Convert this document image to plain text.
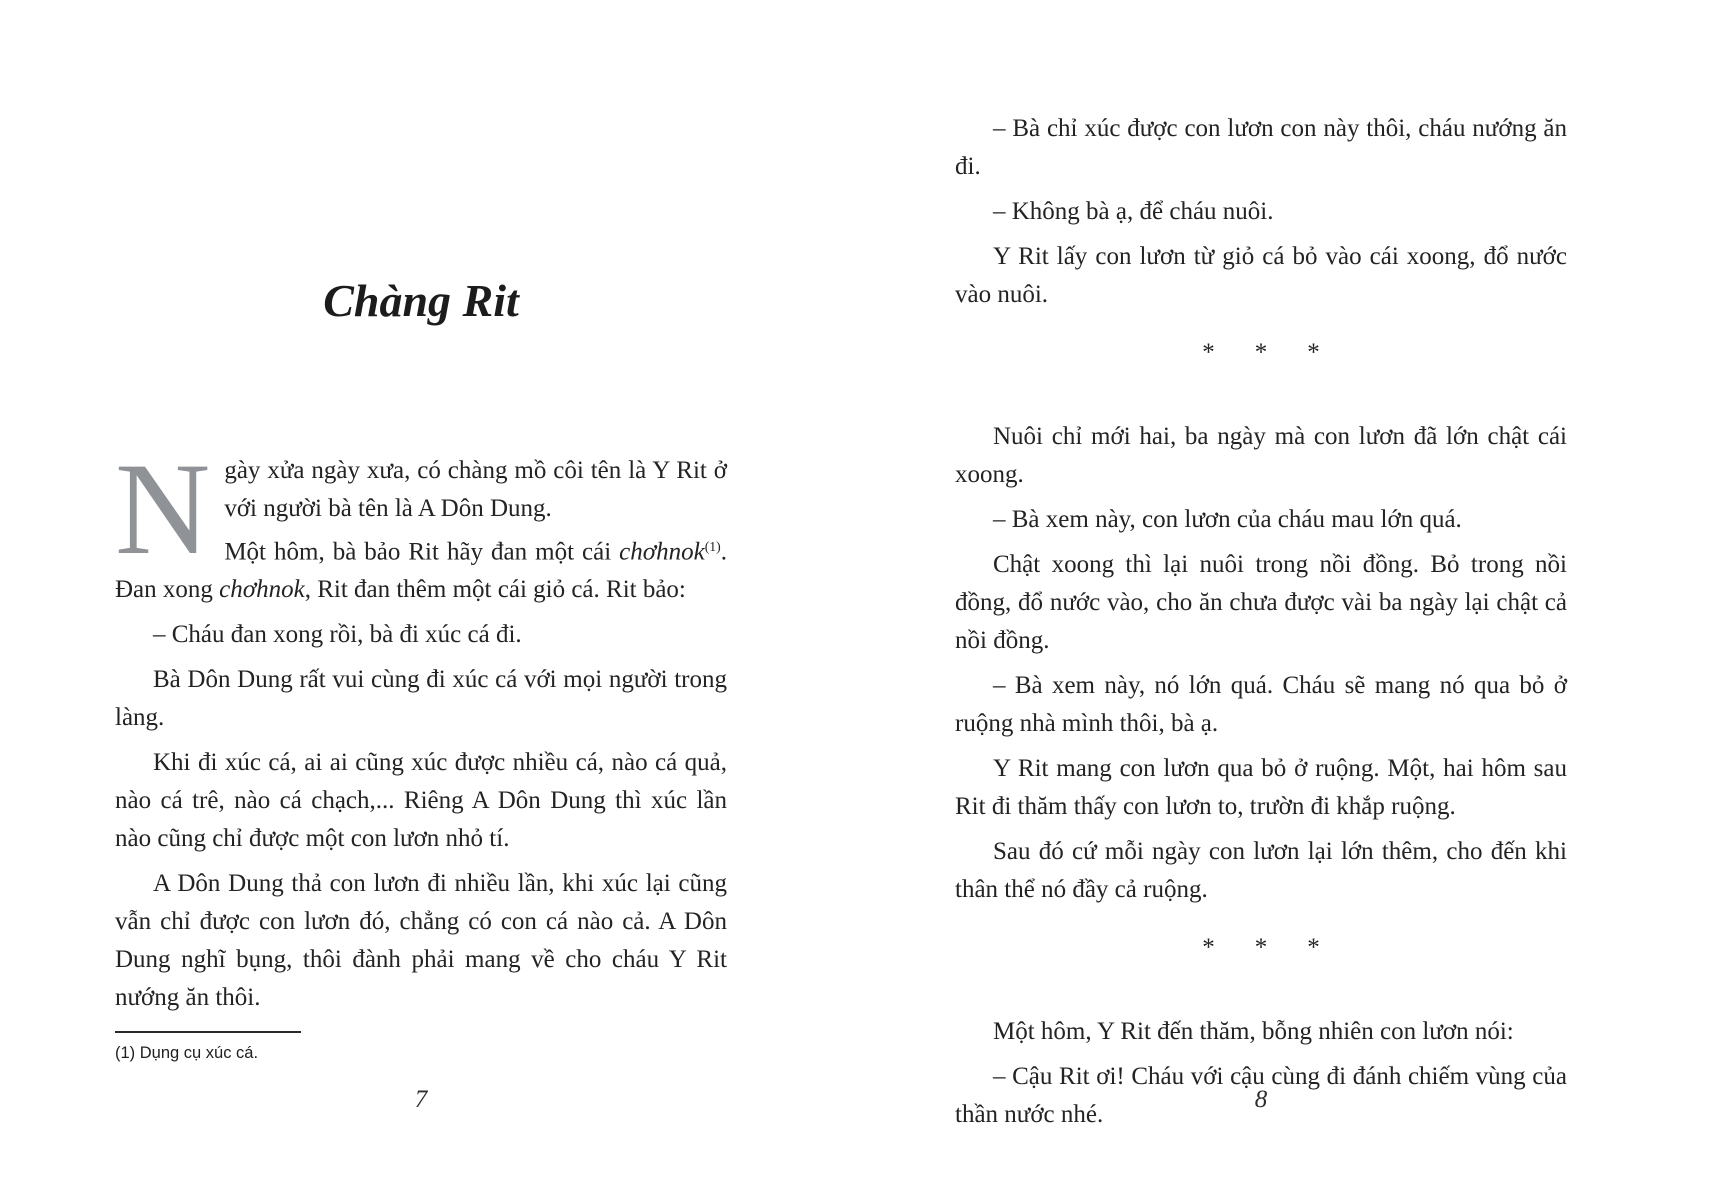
Chàng Rit
N gày xửa ngày xưa, có chàng mồ côi tên là Y Rit ở với người bà tên là A Dôn Dung.

Một hôm, bà bảo Rit hãy đan một cái chơhnok$^{(1)}$. Đan xong chơhnok, Rit đan thêm một cái giỏ cá. Rit bảo:

– Cháu đan xong rồi, bà đi xúc cá đi.

Bà Dôn Dung rất vui cùng đi xúc cá với mọi người trong làng.

Khi đi xúc cá, ai ai cũng xúc được nhiều cá, nào cá quả, nào cá trê, nào cá chạch,... Riêng A Dôn Dung thì xúc lần nào cũng chỉ được một con lươn nhỏ tí.

A Dôn Dung thả con lươn đi nhiều lần, khi xúc lại cũng vẫn chỉ được con lươn đó, chẳng có con cá nào cả. A Dôn Dung nghĩ bụng, thôi đành phải mang về cho cháu Y Rit nướng ăn thôi.

(1) Dụng cụ xúc cá.
7

– Bà chỉ xúc được con lươn con này thôi, cháu nướng ăn đi.

– Không bà ạ, để cháu nuôi.

Y Rit lấy con lươn từ giỏ cá bỏ vào cái xoong, đổ nước vào nuôi.

* * *

Nuôi chỉ mới hai, ba ngày mà con lươn đã lớn chật cái xoong.

– Bà xem này, con lươn của cháu mau lớn quá.

Chật xoong thì lại nuôi trong nồi đồng. Bỏ trong nồi đồng, đổ nước vào, cho ăn chưa được vài ba ngày lại chật cả nồi đồng.

– Bà xem này, nó lớn quá. Cháu sẽ mang nó qua bỏ ở ruộng nhà mình thôi, bà ạ.

Y Rit mang con lươn qua bỏ ở ruộng. Một, hai hôm sau Rit đi thăm thấy con lươn to, trườn đi khắp ruộng.

Sau đó cứ mỗi ngày con lươn lại lớn thêm, cho đến khi thân thể nó đầy cả ruộng.

* * *

Một hôm, Y Rit đến thăm, bỗng nhiên con lươn nói:

– Cậu Rit ơi! Cháu với cậu cùng đi đánh chiếm vùng của thần nước nhé.

8
